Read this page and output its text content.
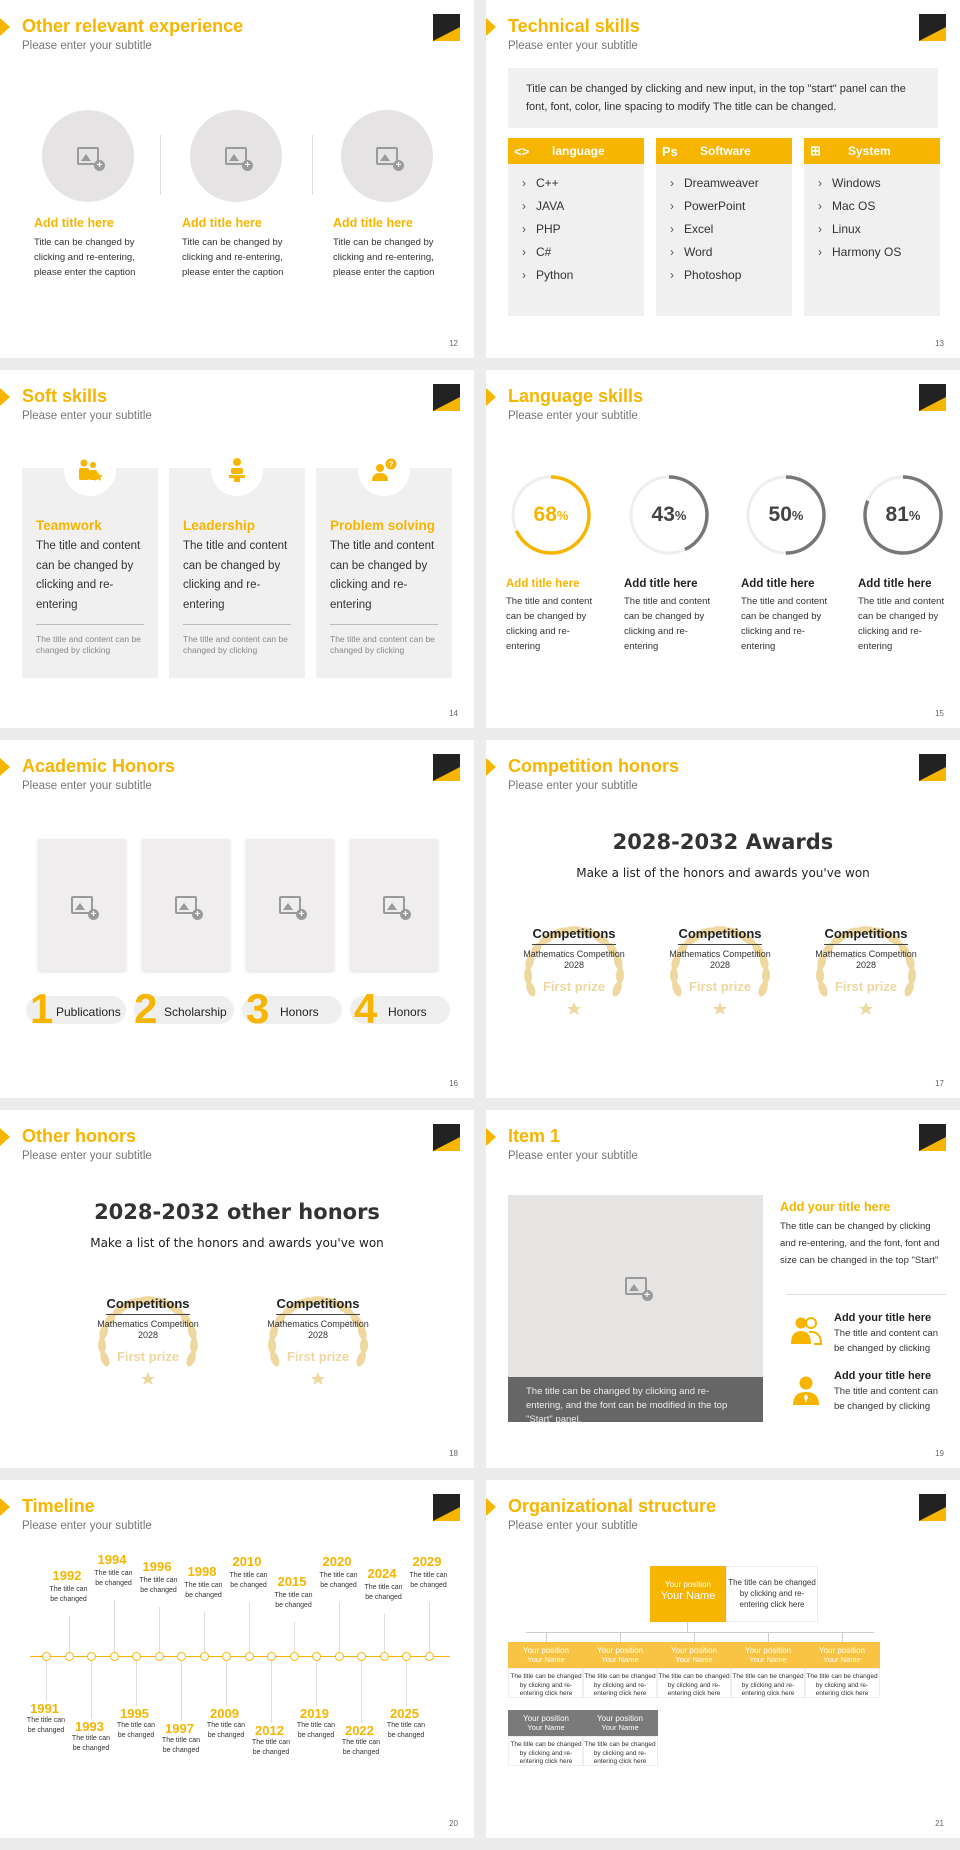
Other relevant experience
Please enter your subtitle
+
Add title here
Title can be changed by clicking and re-entering, please enter the caption
+
Add title here
Title can be changed by clicking and re-entering, please enter the caption
+
Add title here
Title can be changed by clicking and re-entering, please enter the caption
12
Technical skills
Please enter your subtitle
Title can be changed by clicking and new input, in the top "start" panel can the font, font, color, line spacing to modify The title can be changed.
<> language
› C++
› JAVA
› PHP
› C#
› Python
Ps Software
› Dreamweaver
› PowerPoint
› Excel
› Word
› Photoshop
⊞	System
› Windows
› Mac OS
› Linux
› Harmony OS
13
Soft skills
Please enter your subtitle
Teamwork
The title and content can be changed by clicking and re-entering
The title and content can be changed by clicking
Leadership
The title and content can be changed by clicking and re-entering
The title and content can be changed by clicking
Problem solving
The title and content can be changed by clicking and re-entering
The title and content can be changed by clicking
?
14
Language skills
Please enter your subtitle
68 %
Add title here
The title and content can be changed by clicking and re-entering
43 %
Add title here
The title and content can be changed by clicking and re-entering
50 %
Add title here
The title and content can be changed by clicking and re-entering
81 %
Add title here
The title and content can be changed by clicking and re-entering
15
Academic Honors
Please enter your subtitle
+
+
+
+
1 Publications 2 Scholarship 3 Honors 4 Honors
16
Competition honors
Please enter your subtitle
2028-2032 Awards
Make a list of the honors and awards you've won
Competitions
Mathematics Competition
2028
First prize
Competitions
Mathematics Competition
2028
First prize
Competitions
Mathematics Competition
2028
First prize
17
Other honors
Please enter your subtitle
2028-2032 other honors
Make a list of the honors and awards you've won
Competitions
Mathematics Competition
2028
First prize
Competitions
Mathematics Competition
2028
First prize
18
Item 1
Please enter your subtitle
+
The title can be changed by clicking and re-entering, and the font can be modified in the top "Start" panel.
Add your title here
The title can be changed by clicking and re-entering, and the font, font and size can be changed in the top "Start"
Add your title here
The title and content can be changed by clicking
Add your title here
The title and content can be changed by clicking
19
Timeline
Please enter your subtitle
1992
The title can be changed
1994
The title can be changed
1996
The title can be changed
1998
The title can be changed
2010
The title can be changed 2015
The title can be changed
2020
The title can be changed
2024
The title can be changed
2029
The title can be changed
1991
The title can be changed 1993
The title can be changed
1995
The title can be changed 1997
The title can be changed
2009
The title can be changed 2012
The title can be changed
2019
The title can be changed 2022
The title can be changed
2025
The title can be changed
20
Organizational structure
Please enter your subtitle
Your position
Your Name
The title can be changed by clicking and re-entering click here
Your position
Your Name
The title can be changed by clicking and re-entering click here
Your position
Your Name
The title can be changed by clicking and re-entering click here
Your position
Your Name
The title can be changed by clicking and re-entering click here
Your position
Your Name
The title can be changed by clicking and re-entering click here
Your position
Your Name
The title can be changed by clicking and re-entering click here
Your position
Your Name
The title can be changed by clicking and re-entering click here
Your position
Your Name
The title can be changed by clicking and re-entering click here
21
